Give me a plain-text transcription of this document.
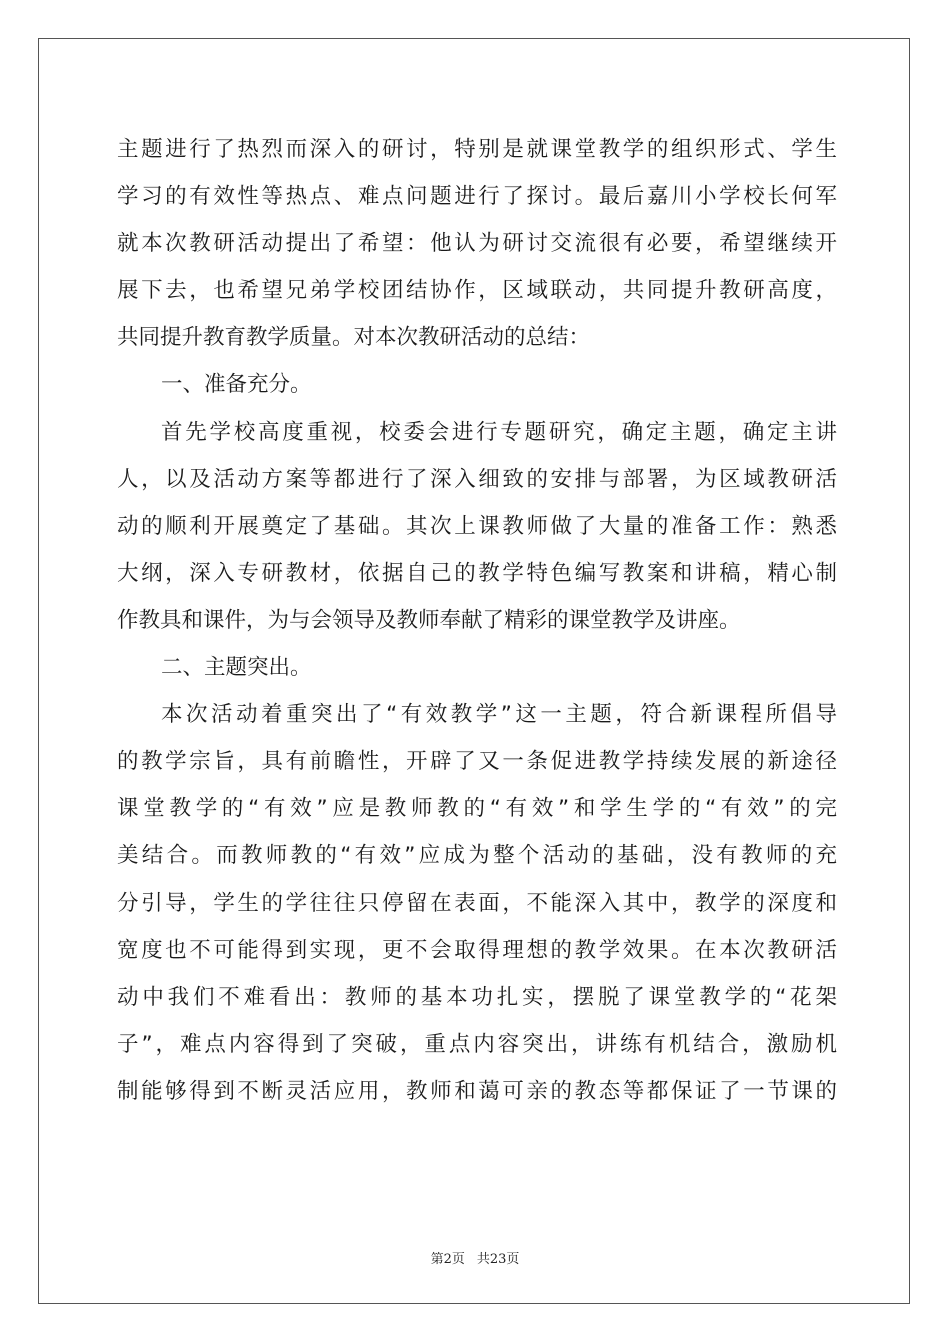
主题进行了热烈而深入的研讨，特别是就课堂教学的组织形式、学生
学习的有效性等热点、难点问题进行了探讨。最后嘉川小学校长何军
就本次教研活动提出了希望：他认为研讨交流很有必要，希望继续开
展下去，也希望兄弟学校团结协作，区域联动，共同提升教研高度，
共同提升教育教学质量。对本次教研活动的总结：
一、准备充分。
首先学校高度重视，校委会进行专题研究，确定主题，确定主讲
人，以及活动方案等都进行了深入细致的安排与部署，为区域教研活
动的顺利开展奠定了基础。其次上课教师做了大量的准备工作：熟悉
大纲，深入专研教材，依据自己的教学特色编写教案和讲稿，精心制
作教具和课件，为与会领导及教师奉献了精彩的课堂教学及讲座。
二、主题突出。
本次活动着重突出了“有效教学”这一主题，符合新课程所倡导
的教学宗旨，具有前瞻性，开辟了又一条促进教学持续发展的新途径
课堂教学的“有效”应是教师教的“有效”和学生学的“有效”的完
美结合。而教师教的“有效”应成为整个活动的基础，没有教师的充
分引导，学生的学往往只停留在表面，不能深入其中，教学的深度和
宽度也不可能得到实现，更不会取得理想的教学效果。在本次教研活
动中我们不难看出：教师的基本功扎实，摆脱了课堂教学的“花架
子”，难点内容得到了突破，重点内容突出，讲练有机结合，激励机
制能够得到不断灵活应用，教师和蔼可亲的教态等都保证了一节课的
第2页 共23页
